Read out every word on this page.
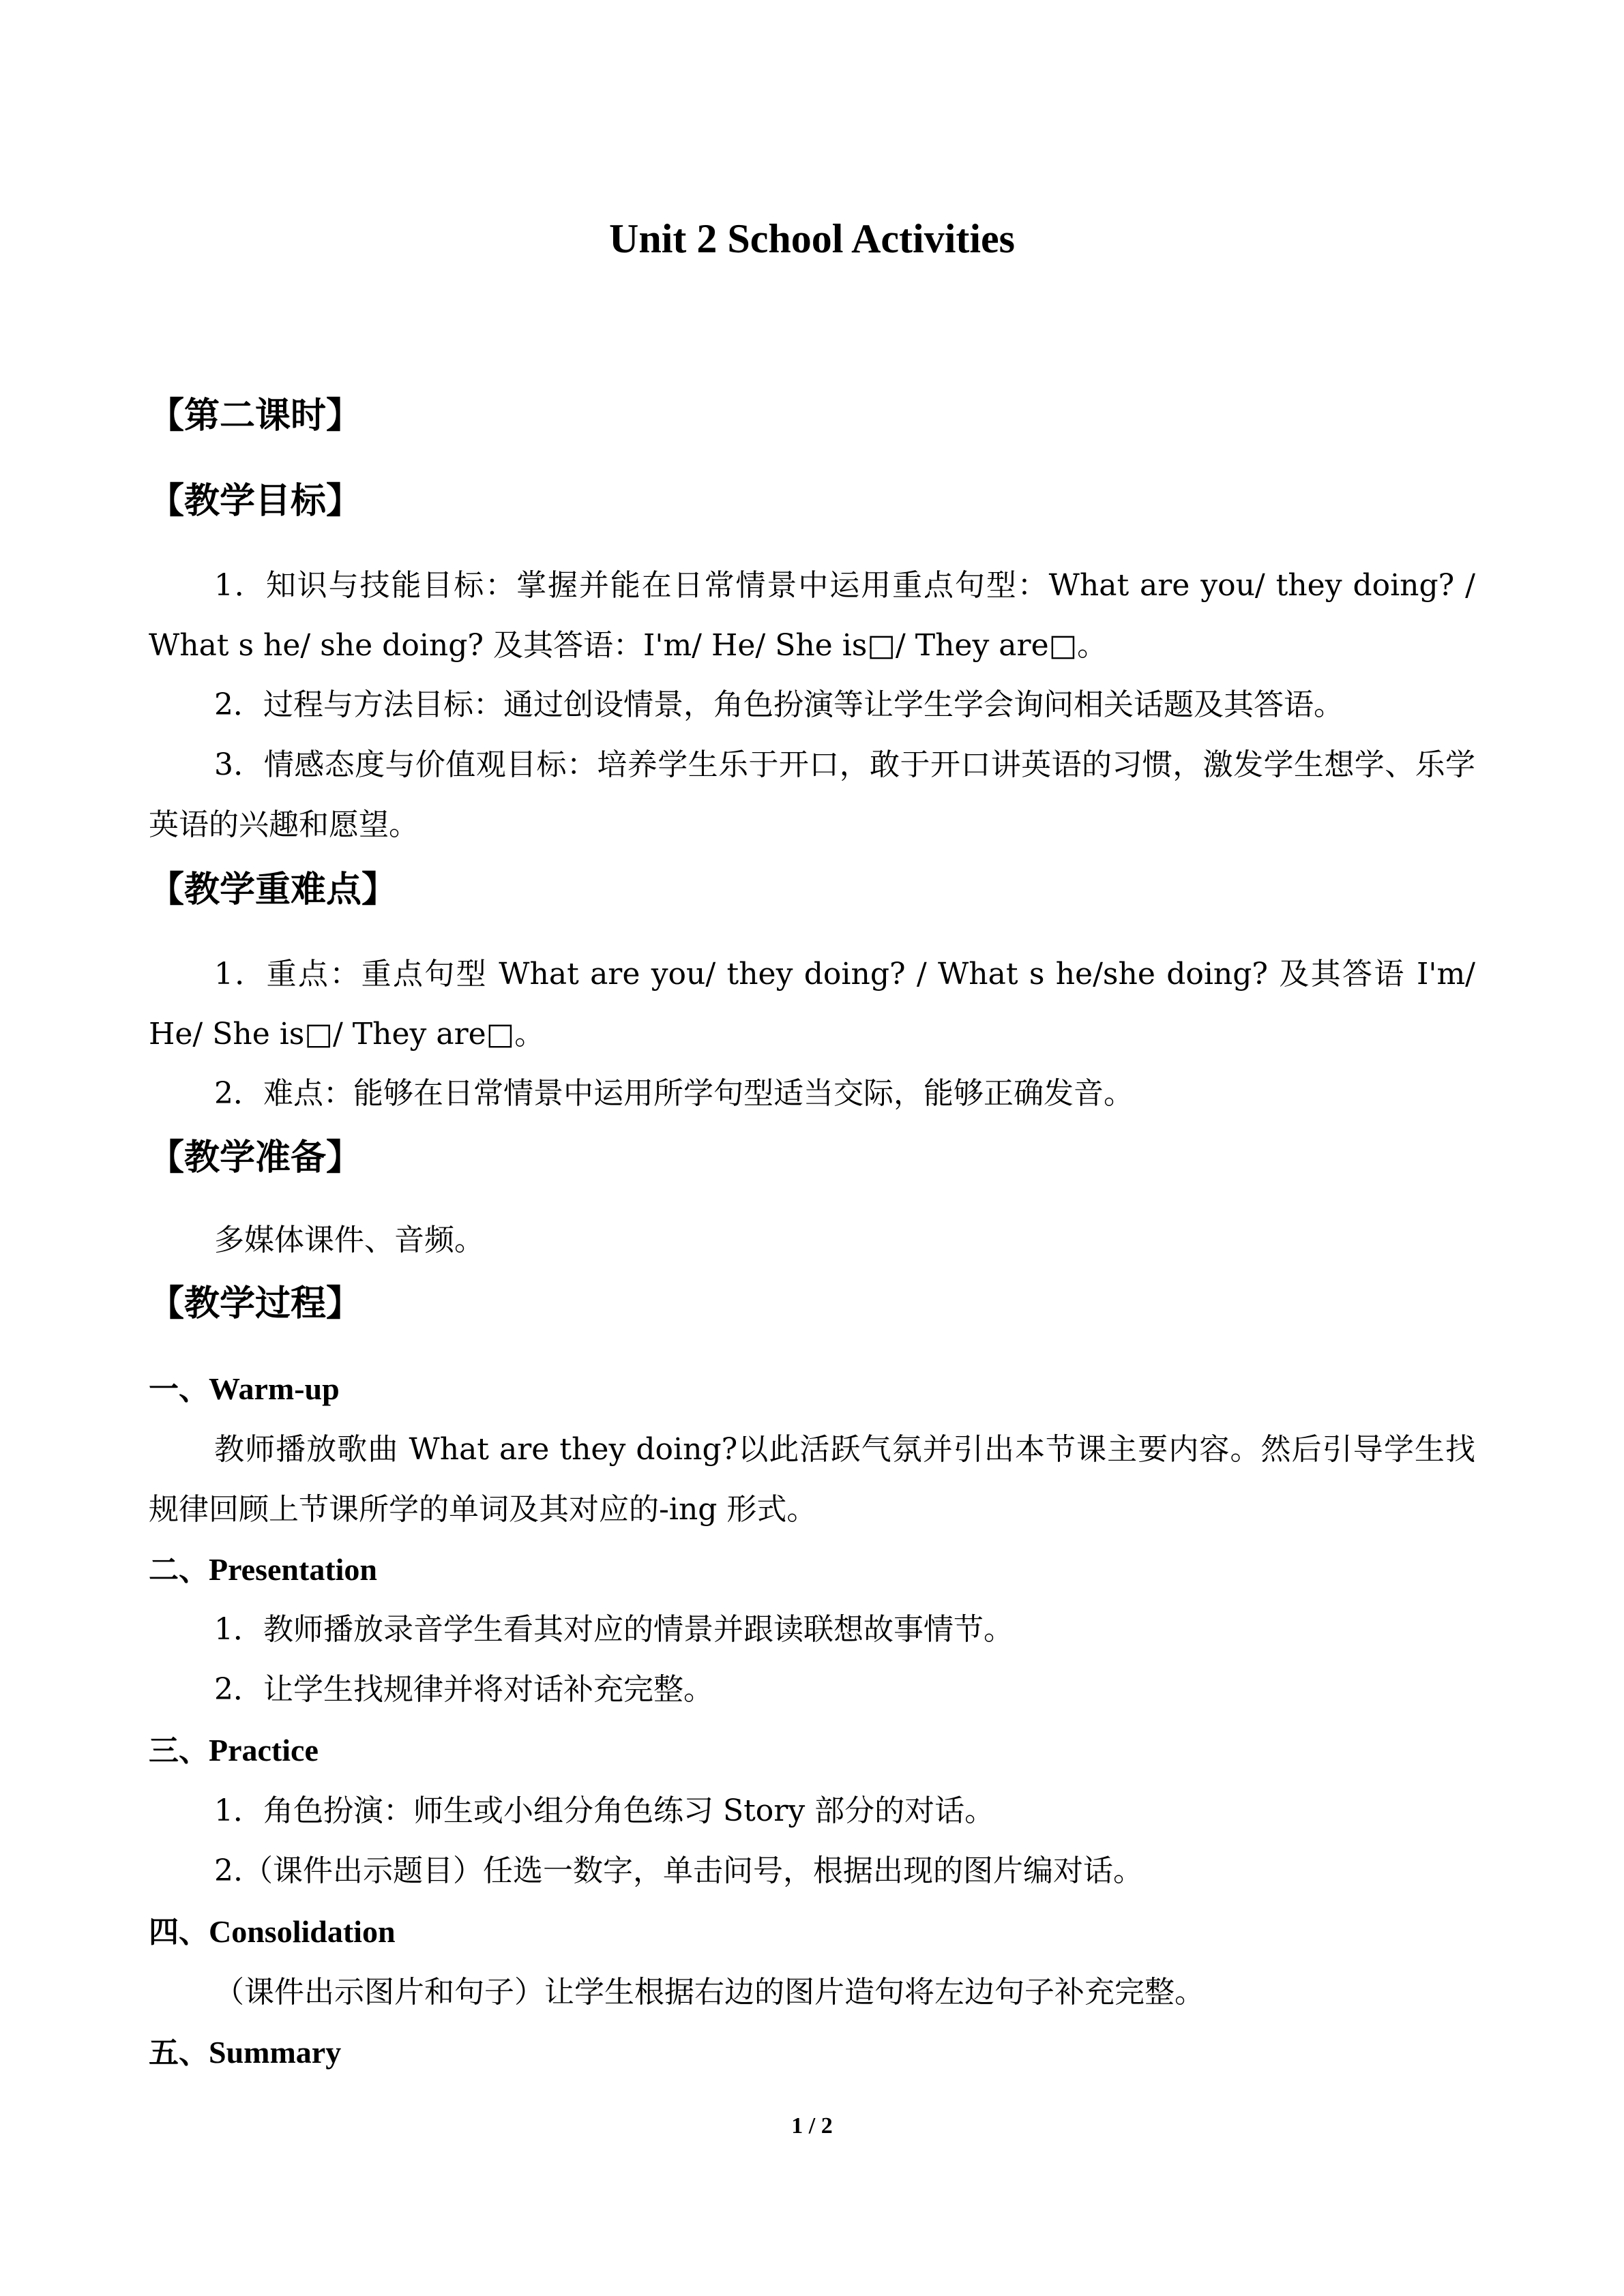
Unit 2 School Activities
【第二课时】
【教学目标】

1．知识与技能目标：掌握并能在日常情景中运用重点句型：What are you/ they doing? / What s he/ she doing? 及其答语：I'm/ He/ She is□/ They are□。

2．过程与方法目标：通过创设情景，角色扮演等让学生学会询问相关话题及其答语。

3．情感态度与价值观目标：培养学生乐于开口，敢于开口讲英语的习惯，激发学生想学、乐学英语的兴趣和愿望。

【教学重难点】

1．重点：重点句型 What are you/ they doing? / What s he/she doing? 及其答语 I'm/ He/ She is□/ They are□。

2．难点：能够在日常情景中运用所学句型适当交际，能够正确发音。

【教学准备】

多媒体课件、音频。

【教学过程】
一、Warm-up

教师播放歌曲 What are they doing?以此活跃气氛并引出本节课主要内容。然后引导学生找规律回顾上节课所学的单词及其对应的-ing 形式。

二、Presentation

1．教师播放录音学生看其对应的情景并跟读联想故事情节。

2．让学生找规律并将对话补充完整。

三、Practice

1．角色扮演：师生或小组分角色练习 Story 部分的对话。

2.（课件出示题目）任选一数字，单击问号，根据出现的图片编对话。

四、Consolidation

（课件出示图片和句子）让学生根据右边的图片造句将左边句子补充完整。

五、Summary
1 / 2
